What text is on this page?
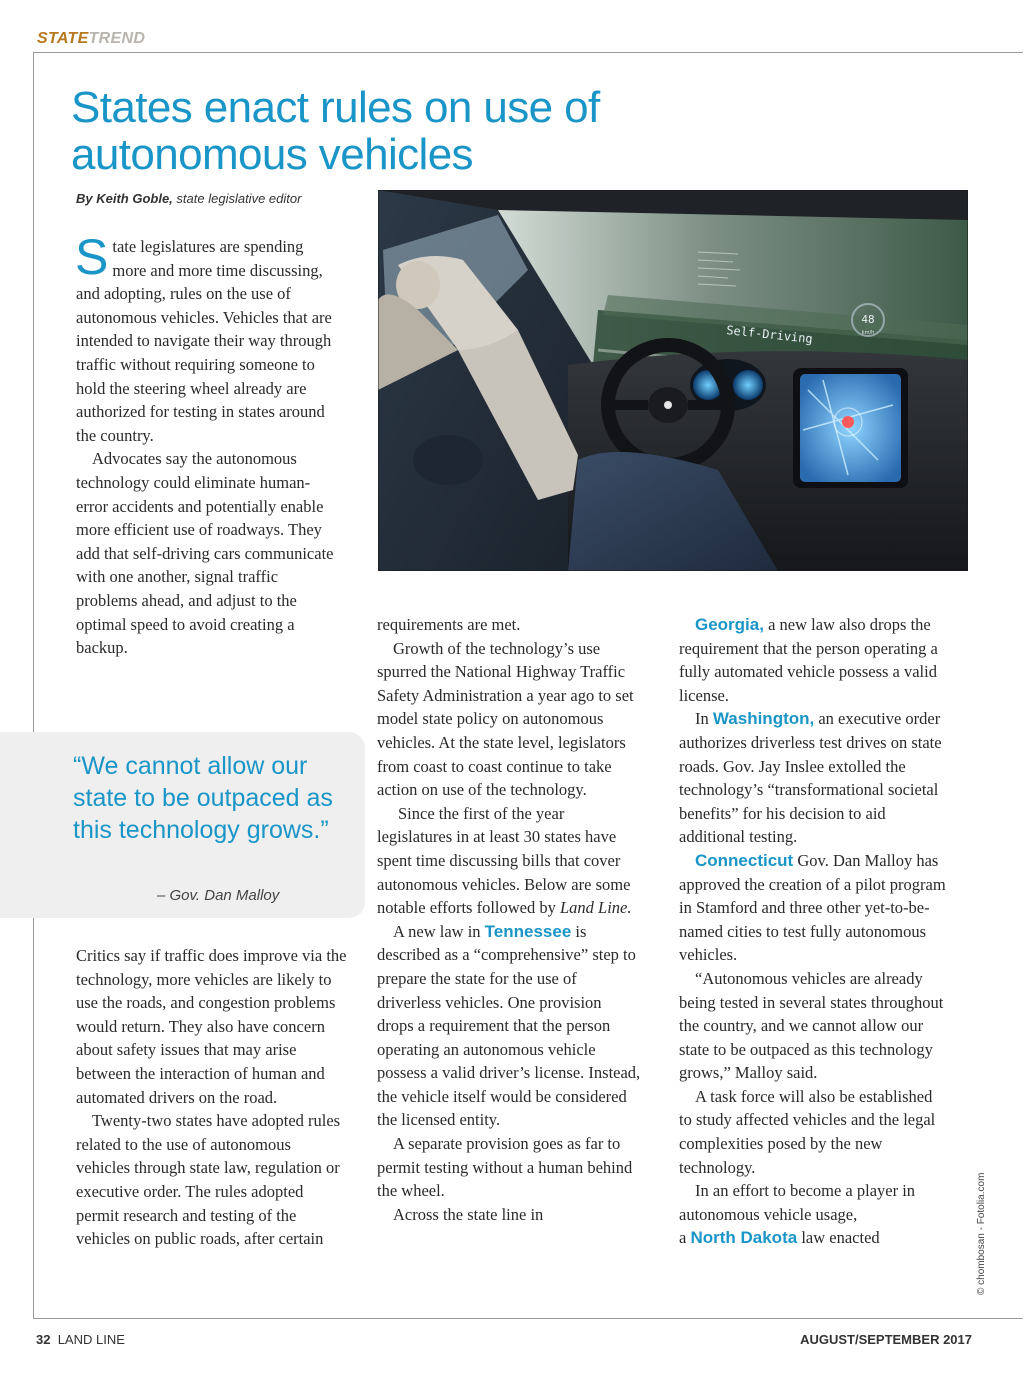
STATETREND
States enact rules on use of autonomous vehicles
By Keith Goble, state legislative editor

State legislatures are spending more and more time discussing, and adopting, rules on the use of autonomous vehicles. Vehicles that are intended to navigate their way through traffic without requiring someone to hold the steering wheel already are authorized for testing in states around the country.

Advocates say the autonomous technology could eliminate human-error accidents and potentially enable more efficient use of roadways. They add that self-driving cars communicate with one another, signal traffic problems ahead, and adjust to the optimal speed to avoid creating a backup.

“We cannot allow our state to be outpaced as this technology grows.”

– Gov. Dan Malloy

Critics say if traffic does improve via the technology, more vehicles are likely to use the roads, and congestion problems would return. They also have concern about safety issues that may arise between the interaction of human and automated drivers on the road.

Twenty-two states have adopted rules related to the use of autonomous vehicles through state law, regulation or executive order. The rules adopted permit research and testing of the vehicles on public roads, after certain

48
km/h
Self-Driving

requirements are met.

Growth of the technology’s use spurred the National Highway Traffic Safety Administration a year ago to set model state policy on autonomous vehicles. At the state level, legislators from coast to coast continue to take action on use of the technology.

Since the first of the year legislatures in at least 30 states have spent time discussing bills that cover autonomous vehicles. Below are some notable efforts followed by Land Line.

A new law in Tennessee is described as a “comprehensive” step to prepare the state for the use of driverless vehicles. One provision drops a requirement that the person operating an autonomous vehicle possess a valid driver’s license. Instead, the vehicle itself would be considered the licensed entity.

A separate provision goes as far to permit testing without a human behind the wheel.

Across the state line in

Georgia, a new law also drops the requirement that the person operating a fully automated vehicle possess a valid license.

In Washington, an executive order authorizes driverless test drives on state roads. Gov. Jay Inslee extolled the technology’s “transformational societal benefits” for his decision to aid additional testing.

Connecticut Gov. Dan Malloy has approved the creation of a pilot program in Stamford and three other yet-to-be-named cities to test fully autonomous vehicles.

“Autonomous vehicles are already being tested in several states throughout the country, and we cannot allow our state to be outpaced as this technology grows,” Malloy said.

A task force will also be established to study affected vehicles and the legal complexities posed by the new technology.

In an effort to become a player in autonomous vehicle usage,

a North Dakota law enacted	© chombosan - Fotolia.com
32 LAND LINE	AUGUST/SEPTEMBER 2017
